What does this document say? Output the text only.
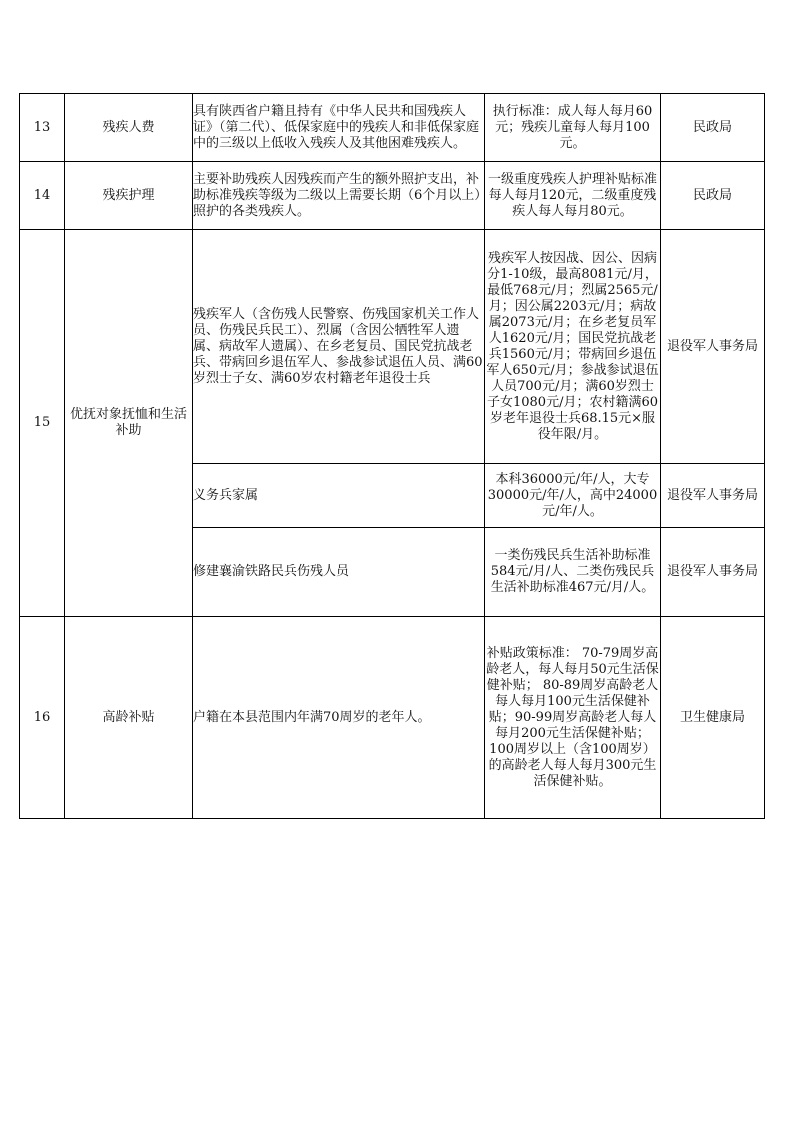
13	残疾人费	具有陕西省户籍且持有《中华人民共和国残疾人证》（第二代）、低保家庭中的残疾人和非低保家庭中的三级以上低收入残疾人及其他困难残疾人。	执行标准：成人每人每月60元；残疾儿童每人每月100元。	民政局
14	残疾护理	主要补助残疾人因残疾而产生的额外照护支出，补助标准残疾等级为二级以上需要长期（6个月以上）照护的各类残疾人。	一级重度残疾人护理补贴标准每人每月120元，二级重度残疾人每人每月80元。	民政局
15	优抚对象抚恤和生活补助	残疾军人（含伤残人民警察、伤残国家机关工作人员、伤残民兵民工）、烈属（含因公牺牲军人遗属、病故军人遗属）、在乡老复员、国民党抗战老兵、带病回乡退伍军人、参战参试退伍人员、满60岁烈士子女、满60岁农村籍老年退役士兵	残疾军人按因战、因公、因病分1-10级，最高8081元/月，最低768元/月；烈属2565元/月；因公属2203元/月；病故属2073元/月；在乡老复员军人1620元/月；国民党抗战老兵1560元/月；带病回乡退伍军人650元/月；参战参试退伍人员700元/月；满60岁烈士子女1080元/月；农村籍满60岁老年退役士兵68.15元×服役年限/月。	退役军人事务局
		义务兵家属	本科36000元/年/人，大专30000元/年/人，高中24000元/年/人。	退役军人事务局
		修建襄渝铁路民兵伤残人员	一类伤残民兵生活补助标准584元/月/人、二类伤残民兵生活补助标准467元/月/人。	退役军人事务局
16	高龄补贴	户籍在本县范围内年满70周岁的老年人。	补贴政策标准： 70-79周岁高龄老人，每人每月50元生活保健补贴； 80-89周岁高龄老人每人每月100元生活保健补贴；90-99周岁高龄老人每人每月200元生活保健补贴； 100周岁以上（含100周岁）的高龄老人每人每月300元生活保健补贴。	卫生健康局
